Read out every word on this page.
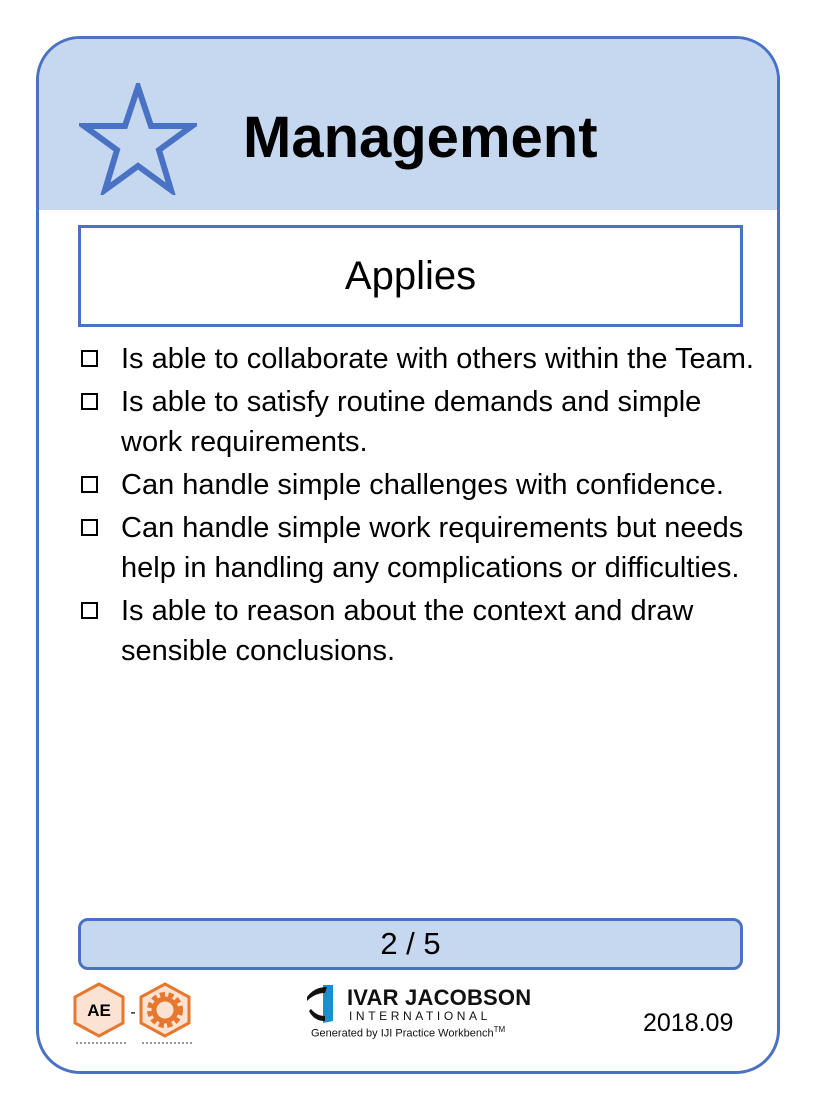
Management
Applies
Is able to collaborate with others within the Team.
Is able to satisfy routine demands and simple work requirements.
Can handle simple challenges with confidence.
Can handle simple work requirements but needs help in handling any complications or difficulties.
Is able to reason about the context and draw sensible conclusions.
2 / 5
AE -
IVAR JACOBSON
INTERNATIONAL
Generated by IJI Practice Workbench™	2018.09
